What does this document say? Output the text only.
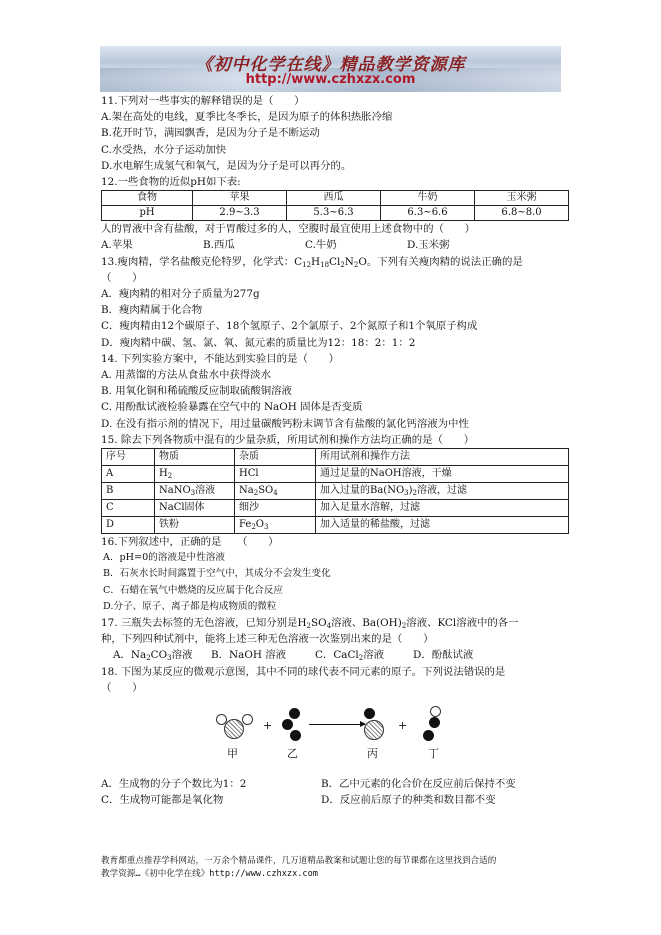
《初中化学在线》精品教学资源库
http://www.czhxzx.com
11.下列对一些事实的解释错误的是（　　）
A.架在高处的电线，夏季比冬季长，是因为原子的体积热胀冷缩
B.花开时节，满园飘香，是因为分子是不断运动
C.水受热，水分子运动加快
D.水电解生成氢气和氧气，是因为分子是可以再分的。
12.一些食物的近似pH如下表:
食物	苹果	西瓜	牛奶	玉米粥
pH	2.9~3.3	5.3~6.3	6.3~6.6	6.8~8.0
人的胃液中含有盐酸，对于胃酸过多的人，空腹时最宜使用上述食物中的（　　）
A.苹果	B.西瓜	C.牛奶	D.玉米粥
13.瘦肉精，学名盐酸克伦特罗，化学式：$C_{12}H_{18}Cl_2N_2O$。下列有关瘦肉精的说法正确的是
（　　）
A．瘦肉精的相对分子质量为277g
B．瘦肉精属于化合物
C．瘦肉精由12个碳原子、18个氢原子、2个氯原子、2个氮原子和1个氧原子构成
D．瘦肉精中碳、氢、氯、氧、氮元素的质量比为12：18：2：1：2
14. 下列实验方案中，不能达到实验目的是（　　）
A. 用蒸馏的方法从食盐水中获得淡水
B. 用氧化铜和稀硫酸反应制取硫酸铜溶液
C. 用酚酞试液检验暴露在空气中的 NaOH 固体是否变质
D. 在没有指示剂的情况下，用过量碳酸钙粉末调节含有盐酸的氯化钙溶液为中性
15. 除去下列各物质中混有的少量杂质，所用试剂和操作方法均正确的是（　　）
序号	物质	杂质	所用试剂和操作方法
A	$H_2$	HCl	通过足量的NaOH溶液，干燥
B	NaNO$_3$溶液	$Na_2SO_4$	加入过量的$Ba(NO_3)_2$溶液，过滤
C	NaCl固体	细沙	加入足量水溶解，过滤
D	铁粉	$Fe_2O_3$	加入适量的稀盐酸，过滤
16.下列叙述中，正确的是　　（　　）
A．pH=0的溶液是中性溶液
B．石灰水长时间露置于空气中，其成分不会发生变化
C．石蜡在氧气中燃烧的反应属于化合反应
D.分子、原子、离子都是构成物质的微粒
17. 三瓶失去标签的无色溶液，已知分别是$H_2SO_4$溶液、$Ba(OH)_2$溶液、KCl溶液中的各一
种，下列四种试剂中，能将上述三种无色溶液一次鉴别出来的是（　　）
A．$Na_2CO_3$溶液 B．NaOH 溶液	C．CaCl$_2$溶液	D．酚酞试液
18. 下图为某反应的微观示意图，其中不同的球代表不同元素的原子。下列说法错误的是
（　　）
+	+
甲	乙	丙	丁
A．生成物的分子个数比为1：2	B．乙中元素的化合价在反应前后保持不变
C．生成物可能都是氧化物	D．反应前后原子的种类和数目都不变
教育都重点推荐学科网站，一万余个精品课件，几万道精品教案和试题让您的每节课都在这里找到合适的
教学资源…《初中化学在线》http://www.czhxzx.com
